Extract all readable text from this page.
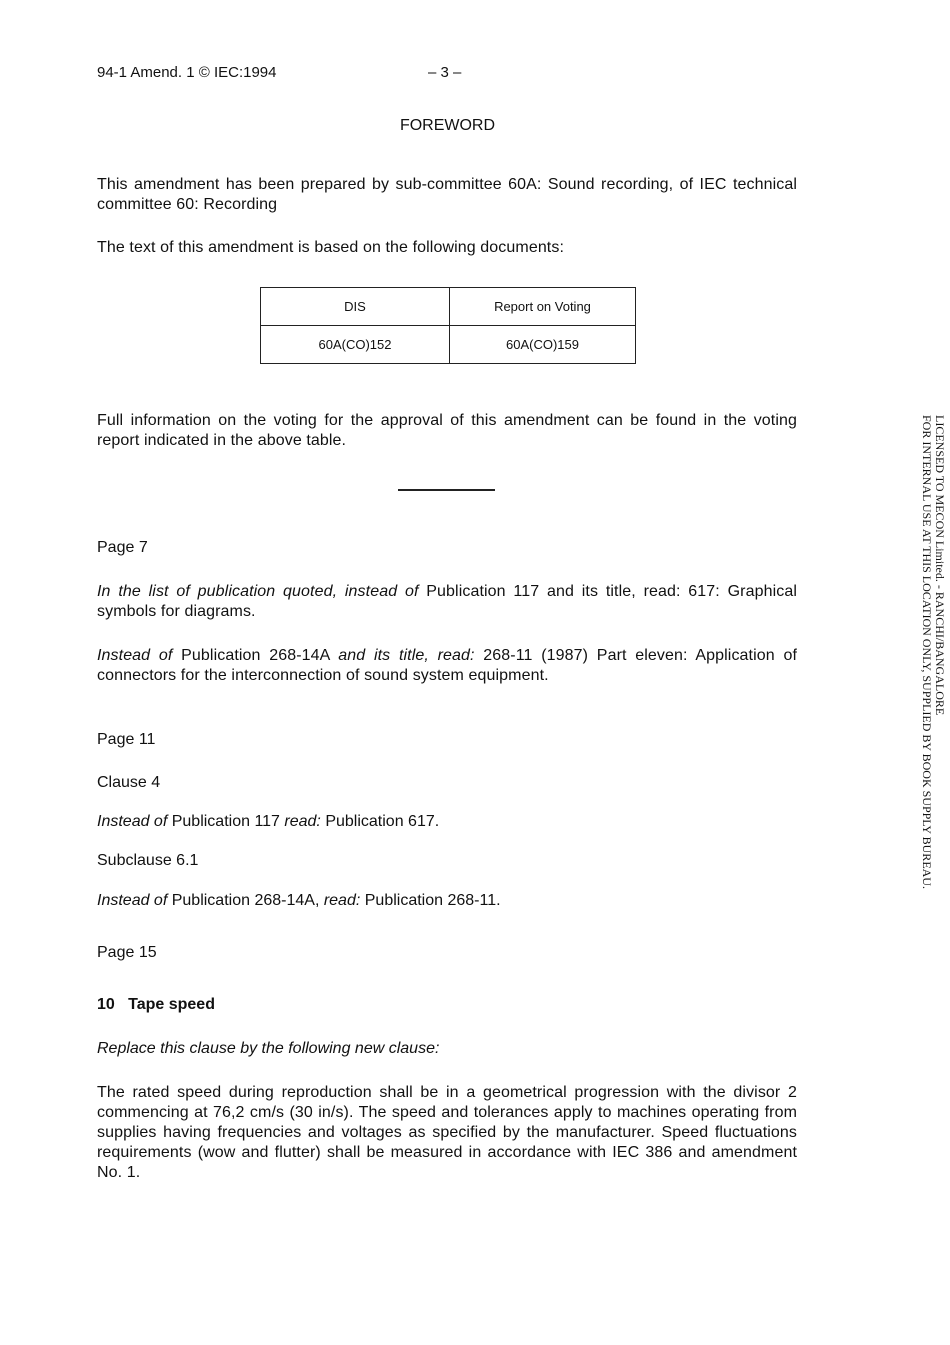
94-1 Amend. 1 © IEC:1994	– 3 –
FOREWORD
This amendment has been prepared by sub-committee 60A: Sound recording, of IEC technical committee 60: Recording
The text of this amendment is based on the following documents:
DIS	Report on Voting
60A(CO)152	60A(CO)159
Full information on the voting for the approval of this amendment can be found in the voting report indicated in the above table.
Page 7
In the list of publication quoted, instead of Publication 117 and its title, read: 617: Graphical symbols for diagrams.
Instead of Publication 268-14A and its title, read: 268-11 (1987) Part eleven: Application of connectors for the interconnection of sound system equipment.
Page 11
Clause 4
Instead of Publication 117 read: Publication 617.
Subclause 6.1
Instead of Publication 268-14A, read: Publication 268-11.
Page 15
10   Tape speed
Replace this clause by the following new clause:
The rated speed during reproduction shall be in a geometrical progression with the divisor 2 commencing at 76,2 cm/s (30 in/s). The speed and tolerances apply to machines operating from supplies having frequencies and voltages as specified by the manufacturer. Speed fluctuations requirements (wow and flutter) shall be measured in accordance with IEC 386 and amendment No. 1.
LICENSED TO MECON Limited. - RANCHI/BANGALORE
FOR INTERNAL USE AT THIS LOCATION ONLY, SUPPLIED BY BOOK SUPPLY BUREAU.
